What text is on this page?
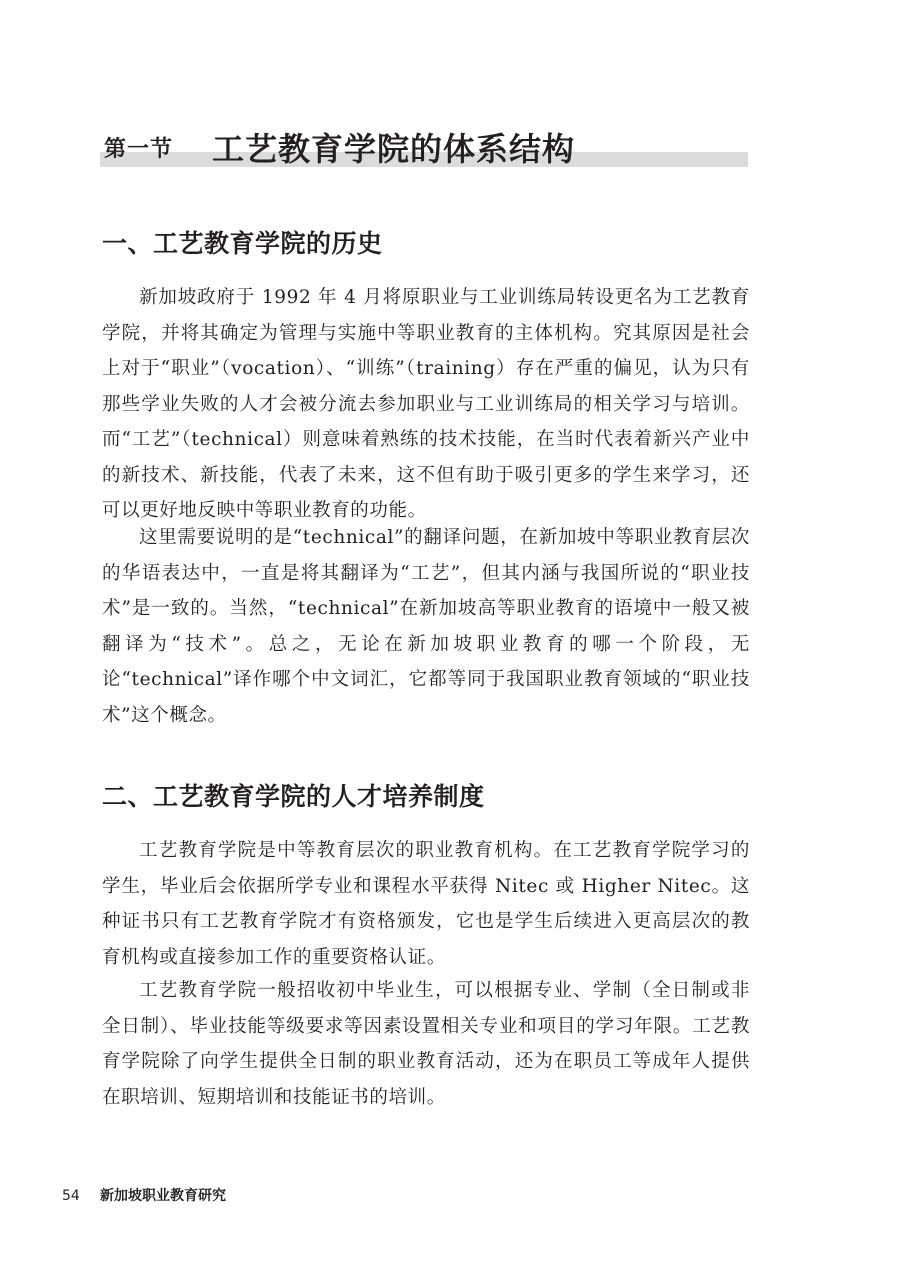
第一节 工艺教育学院的体系结构
一、工艺教育学院的历史

新加坡政府于 1992 年 4 月将原职业与工业训练局转设更名为工艺教育学院，并将其确定为管理与实施中等职业教育的主体机构。究其原因是社会上对于“职业”（vocation）、“训练”（training）存在严重的偏见，认为只有那些学业失败的人才会被分流去参加职业与工业训练局的相关学习与培训。而“工艺”（technical）则意味着熟练的技术技能，在当时代表着新兴产业中的新技术、新技能，代表了未来，这不但有助于吸引更多的学生来学习，还可以更好地反映中等职业教育的功能。

这里需要说明的是“technical”的翻译问题，在新加坡中等职业教育层次的华语表达中，一直是将其翻译为“工艺”，但其内涵与我国所说的“职业技术”是一致的。当然，“technical”在新加坡高等职业教育的语境中一般又被翻译为“技术”。总之，无论在新加坡职业教育的哪一个阶段，无论“technical”译作哪个中文词汇，它都等同于我国职业教育领域的“职业技术”这个概念。

二、工艺教育学院的人才培养制度

工艺教育学院是中等教育层次的职业教育机构。在工艺教育学院学习的学生，毕业后会依据所学专业和课程水平获得 Nitec 或 Higher Nitec。这种证书只有工艺教育学院才有资格颁发，它也是学生后续进入更高层次的教育机构或直接参加工作的重要资格认证。

工艺教育学院一般招收初中毕业生，可以根据专业、学制（全日制或非全日制）、毕业技能等级要求等因素设置相关专业和项目的学习年限。工艺教育学院除了向学生提供全日制的职业教育活动，还为在职员工等成年人提供在职培训、短期培训和技能证书的培训。

54 新加坡职业教育研究
